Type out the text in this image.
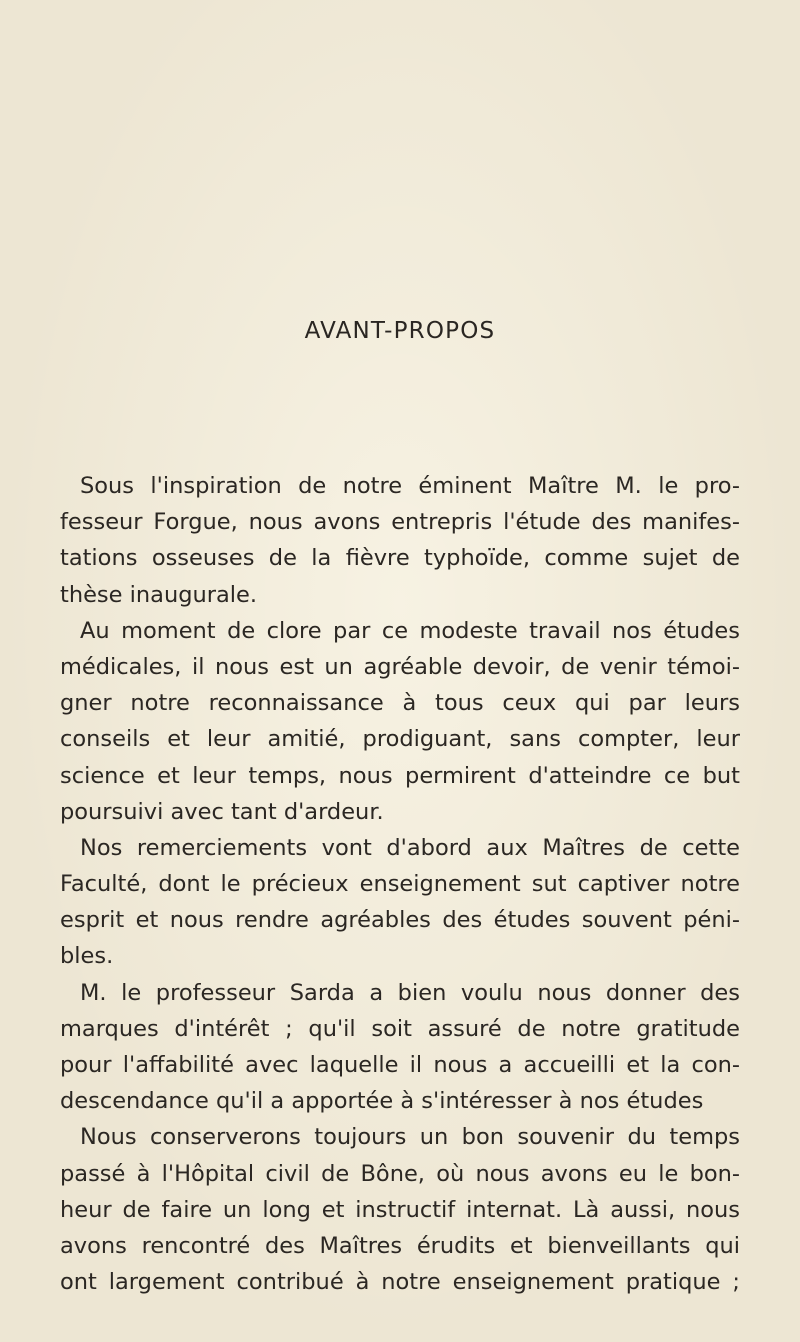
AVANT-PROPOS
Sous l'inspiration de notre éminent Maître M. le pro-
fesseur Forgue, nous avons entrepris l'étude des manifes-
tations osseuses de la fièvre typhoïde, comme sujet de
thèse inaugurale.
Au moment de clore par ce modeste travail nos études
médicales, il nous est un agréable devoir, de venir témoi-
gner notre reconnaissance à tous ceux qui par leurs
conseils et leur amitié, prodiguant, sans compter, leur
science et leur temps, nous permirent d'atteindre ce but
poursuivi avec tant d'ardeur.
Nos remerciements vont d'abord aux Maîtres de cette
Faculté, dont le précieux enseignement sut captiver notre
esprit et nous rendre agréables des études souvent péni-
bles.
M. le professeur Sarda a bien voulu nous donner des
marques d'intérêt ; qu'il soit assuré de notre gratitude
pour l'affabilité avec laquelle il nous a accueilli et la con-
descendance qu'il a apportée à s'intéresser à nos études
Nous conserverons toujours un bon souvenir du temps
passé à l'Hôpital civil de Bône, où nous avons eu le bon-
heur de faire un long et instructif internat. Là aussi, nous
avons rencontré des Maîtres érudits et bienveillants qui
ont largement contribué à notre enseignement pratique ;
